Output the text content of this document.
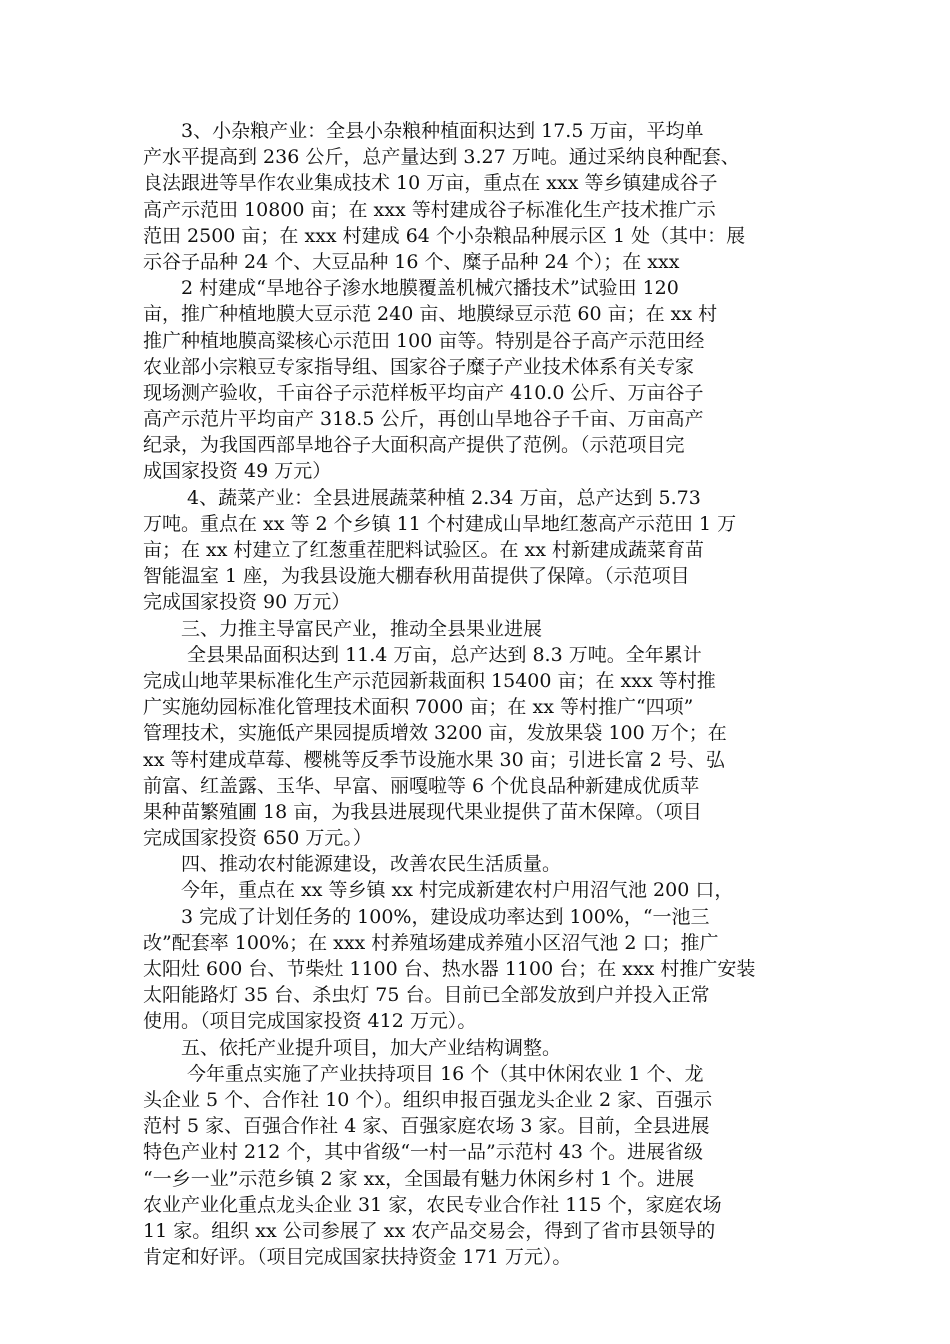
　　3、小杂粮产业：全县小杂粮种植面积达到 17.5 万亩，平均单
产水平提高到 236 公斤，总产量达到 3.27 万吨。通过采纳良种配套、
良法跟进等旱作农业集成技术 10 万亩，重点在 xxx 等乡镇建成谷子
高产示范田 10800 亩；在 xxx 等村建成谷子标准化生产技术推广示
范田 2500 亩；在 xxx 村建成 64 个小杂粮品种展示区 1 处（其中：展
示谷子品种 24 个、大豆品种 16 个、糜子品种 24 个）；在 xxx
　　2 村建成“旱地谷子渗水地膜覆盖机械穴播技术”试验田 120
亩，推广种植地膜大豆示范 240 亩、地膜绿豆示范 60 亩；在 xx 村
推广种植地膜高粱核心示范田 100 亩等。特别是谷子高产示范田经
农业部小宗粮豆专家指导组、国家谷子糜子产业技术体系有关专家
现场测产验收，千亩谷子示范样板平均亩产 410.0 公斤、万亩谷子
高产示范片平均亩产 318.5 公斤，再创山旱地谷子千亩、万亩高产
纪录，为我国西部旱地谷子大面积高产提供了范例。（示范项目完
成国家投资 49 万元）
　　 4、蔬菜产业：全县进展蔬菜种植 2.34 万亩，总产达到 5.73
万吨。重点在 xx 等 2 个乡镇 11 个村建成山旱地红葱高产示范田 1 万
亩；在 xx 村建立了红葱重茬肥料试验区。在 xx 村新建成蔬菜育苗
智能温室 1 座，为我县设施大棚春秋用苗提供了保障。（示范项目
完成国家投资 90 万元）
　　三、力推主导富民产业，推动全县果业进展
　　 全县果品面积达到 11.4 万亩，总产达到 8.3 万吨。全年累计
完成山地苹果标准化生产示范园新栽面积 15400 亩；在 xxx 等村推
广实施幼园标准化管理技术面积 7000 亩；在 xx 等村推广“四项”
管理技术，实施低产果园提质增效 3200 亩，发放果袋 100 万个；在
xx 等村建成草莓、樱桃等反季节设施水果 30 亩；引进长富 2 号、弘
前富、红盖露、玉华、早富、丽嘎啦等 6 个优良品种新建成优质苹
果种苗繁殖圃 18 亩，为我县进展现代果业提供了苗木保障。（项目
完成国家投资 650 万元。）
　　四、推动农村能源建设，改善农民生活质量。
　　今年，重点在 xx 等乡镇 xx 村完成新建农村户用沼气池 200 口，
　　3 完成了计划任务的 100%，建设成功率达到 100%，“一池三
改”配套率 100%；在 xxx 村养殖场建成养殖小区沼气池 2 口；推广
太阳灶 600 台、节柴灶 1100 台、热水器 1100 台；在 xxx 村推广安装
太阳能路灯 35 台、杀虫灯 75 台。目前已全部发放到户并投入正常
使用。（项目完成国家投资 412 万元）。
　　五、依托产业提升项目，加大产业结构调整。
　　 今年重点实施了产业扶持项目 16 个（其中休闲农业 1 个、龙
头企业 5 个、合作社 10 个）。组织申报百强龙头企业 2 家、百强示
范村 5 家、百强合作社 4 家、百强家庭农场 3 家。目前，全县进展
特色产业村 212 个，其中省级“一村一品”示范村 43 个。进展省级
“一乡一业”示范乡镇 2 家 xx，全国最有魅力休闲乡村 1 个。进展
农业产业化重点龙头企业 31 家，农民专业合作社 115 个，家庭农场
11 家。组织 xx 公司参展了 xx 农产品交易会，得到了省市县领导的
肯定和好评。（项目完成国家扶持资金 171 万元）。
